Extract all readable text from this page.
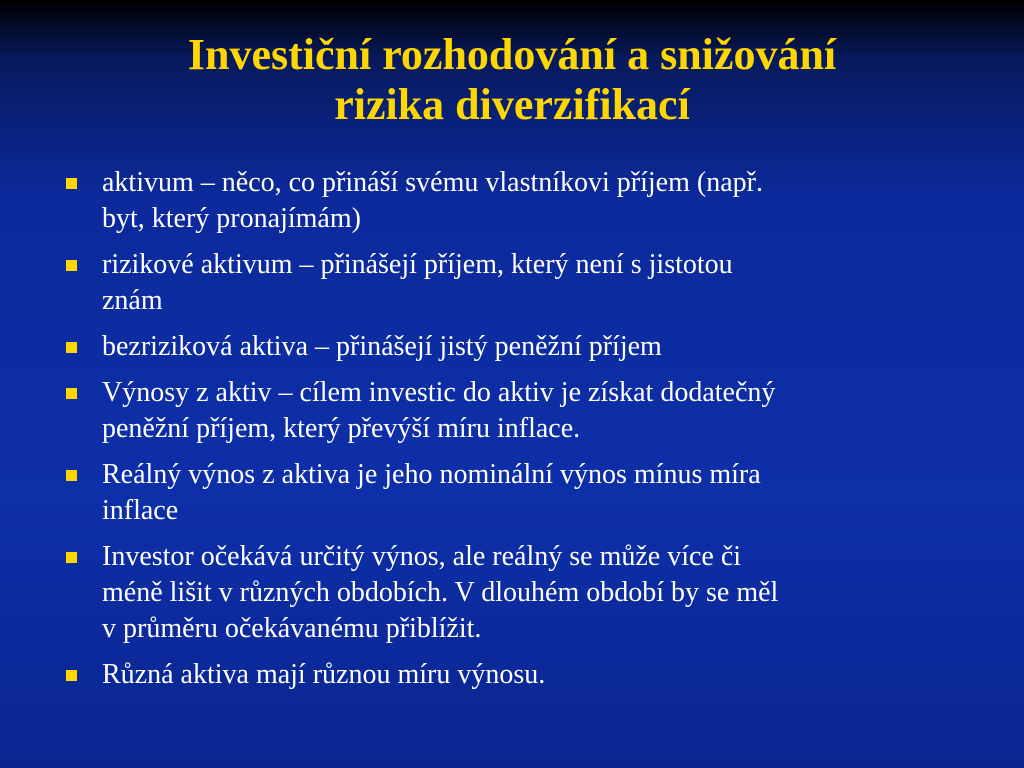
Investiční rozhodování a snižování
rizika diverzifikací
aktivum – něco, co přináší svému vlastníkovi příjem (např.
byt, který pronajímám)
rizikové aktivum – přinášejí příjem, který není s jistotou
znám
bezriziková aktiva – přinášejí jistý peněžní příjem
Výnosy z aktiv – cílem investic do aktiv je získat dodatečný
peněžní příjem, který převýší míru inflace.
Reálný výnos z aktiva je jeho nominální výnos mínus míra
inflace
Investor očekává určitý výnos, ale reálný se může více či
méně lišit v různých obdobích. V dlouhém období by se měl
v průměru očekávanému přiblížit.
Různá aktiva mají různou míru výnosu.
